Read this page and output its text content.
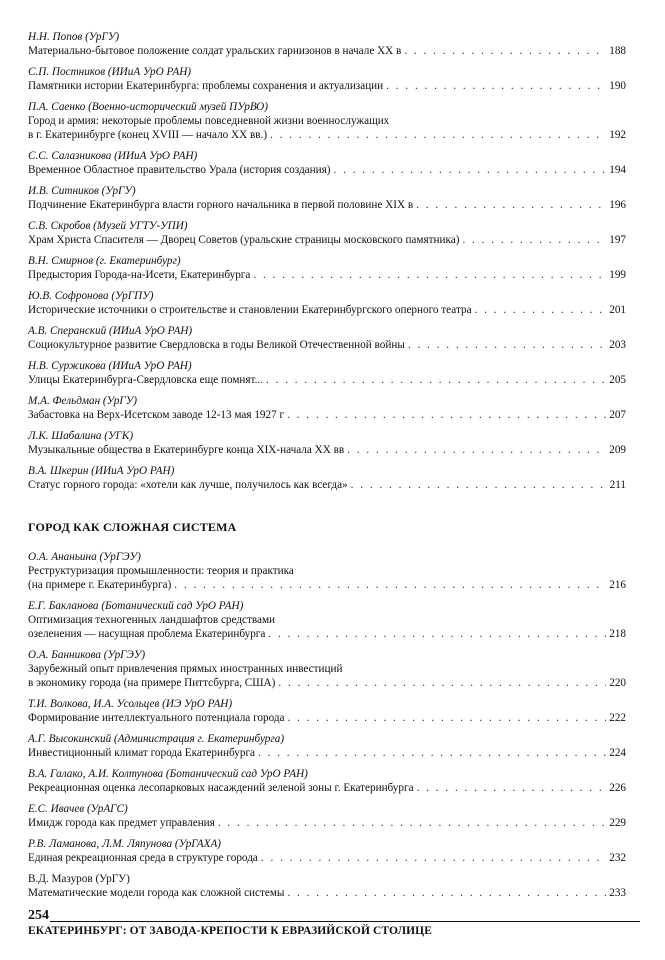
Н.Н. Попов (УрГУ)
Материально-бытовое положение солдат уральских гарнизонов в начале XX в . . .	188
С.П. Постников (ИИиА УрО РАН)
Памятники истории Екатеринбурга: проблемы сохранения и актуализации . . .	190
П.А. Саенко (Военно-исторический музей ПУрВО)
Город и армия: некоторые проблемы повседневной жизни военнослужащих
в г. Екатеринбурге (конец XVIII — начало XX вв.) . . .	192
С.С. Салазникова (ИИиА УрО РАН)
Временное Областное правительство Урала (история создания) . . .	194
И.В. Ситников (УрГУ)
Подчинение Екатеринбурга власти горного начальника в первой половине XIX в . . .	196
С.В. Скробов (Музей УГТУ-УПИ)
Храм Христа Спасителя — Дворец Советов (уральские страницы московского памятника) . . .	197
В.Н. Смирнов (г. Екатеринбург)
Предыстория Города-на-Исети, Екатеринбурга . . .	199
Ю.В. Софронова (УрГПУ)
Исторические источники о строительстве и становлении Екатеринбургского оперного театра . . .	201
А.В. Сперанский (ИИиА УрО РАН)
Социокультурное развитие Свердловска в годы Великой Отечественной войны . . .	203
Н.В. Суржикова (ИИиА УрО РАН)
Улицы Екатеринбурга-Свердловска еще помнят... . . .	205
М.А. Фельдман (УрГУ)
Забастовка на Верх-Исетском заводе 12-13 мая 1927 г . . .	207
Л.К. Шабалина (УГК)
Музыкальные общества в Екатеринбурге конца XIX-начала XX вв . . .	209
В.А. Шкерин (ИИиА УрО РАН)
Статус горного города: «хотели как лучше, получилось как всегда» . . .	211
ГОРОД КАК СЛОЖНАЯ СИСТЕМА
О.А. Ананьина (УрГЭУ)
Реструктуризация промышленности: теория и практика
(на примере г. Екатеринбурга) . . .	216
Е.Г. Бакланова (Ботанический сад УрО РАН)
Оптимизация техногенных ландшафтов средствами
озеленения — насущная проблема Екатеринбурга . . .	218
О.А. Банникова (УрГЭУ)
Зарубежный опыт привлечения прямых иностранных инвестиций
в экономику города (на примере Питтсбурга, США) . . .	220
Т.И. Волкова, И.А. Усольцев (ИЭ УрО РАН)
Формирование интеллектуального потенциала города . . .	222
А.Г. Высокинский (Администрация г. Екатеринбурга)
Инвестиционный климат города Екатеринбурга . . .	224
В.А. Галако, А.И. Колтунова (Ботанический сад УрО РАН)
Рекреационная оценка лесопарковых насаждений зеленой зоны г. Екатеринбурга . . .	226
Е.С. Ивачев (УрАГС)
Имидж города как предмет управления . . .	229
Р.В. Ламанова, Л.М. Ляпунова (УрГАХА)
Единая рекреационная среда в структуре города . . .	232
В.Д. Мазуров (УрГУ)
Математические модели города как сложной системы . . .	233
254
ЕКАТЕРИНБУРГ: ОТ ЗАВОДА-КРЕПОСТИ К ЕВРАЗИЙСКОЙ СТОЛИЦЕ
